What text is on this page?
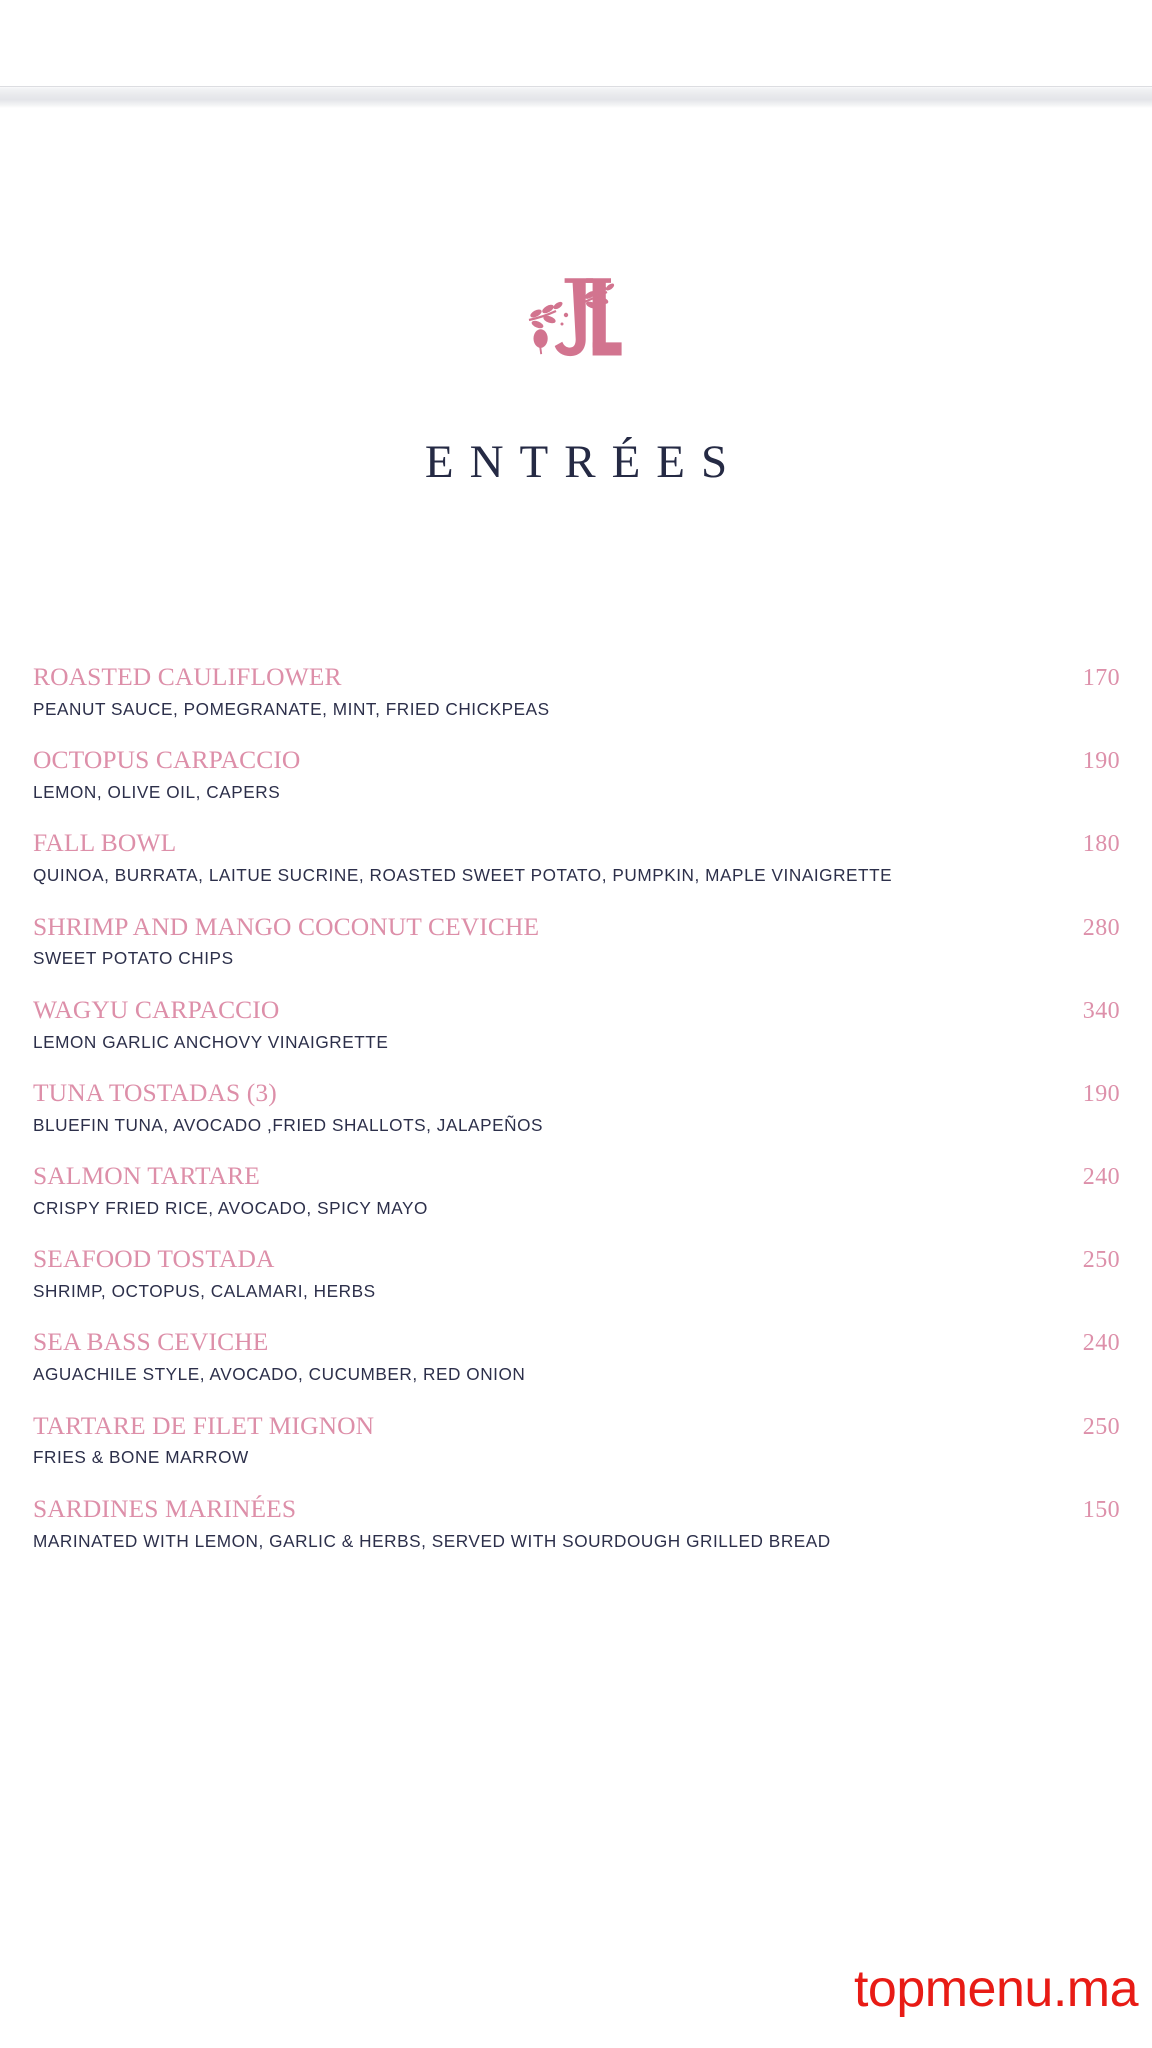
ENTRÉES
ROASTED CAULIFLOWER	170
PEANUT SAUCE, POMEGRANATE, MINT, FRIED CHICKPEAS
OCTOPUS CARPACCIO	190
LEMON, OLIVE OIL, CAPERS
FALL BOWL	180
QUINOA, BURRATA, LAITUE SUCRINE, ROASTED SWEET POTATO, PUMPKIN, MAPLE VINAIGRETTE
SHRIMP AND MANGO COCONUT CEVICHE	280
SWEET POTATO CHIPS
WAGYU CARPACCIO	340
LEMON GARLIC ANCHOVY VINAIGRETTE
TUNA TOSTADAS (3)	190
BLUEFIN TUNA, AVOCADO ,FRIED SHALLOTS, JALAPEÑOS
SALMON TARTARE	240
CRISPY FRIED RICE, AVOCADO, SPICY MAYO
SEAFOOD TOSTADA	250
SHRIMP, OCTOPUS, CALAMARI, HERBS
SEA BASS CEVICHE	240
AGUACHILE STYLE, AVOCADO, CUCUMBER, RED ONION
TARTARE DE FILET MIGNON	250
FRIES & BONE MARROW
SARDINES MARINÉES	150
MARINATED WITH LEMON, GARLIC & HERBS, SERVED WITH SOURDOUGH GRILLED BREAD
topmenu.ma
